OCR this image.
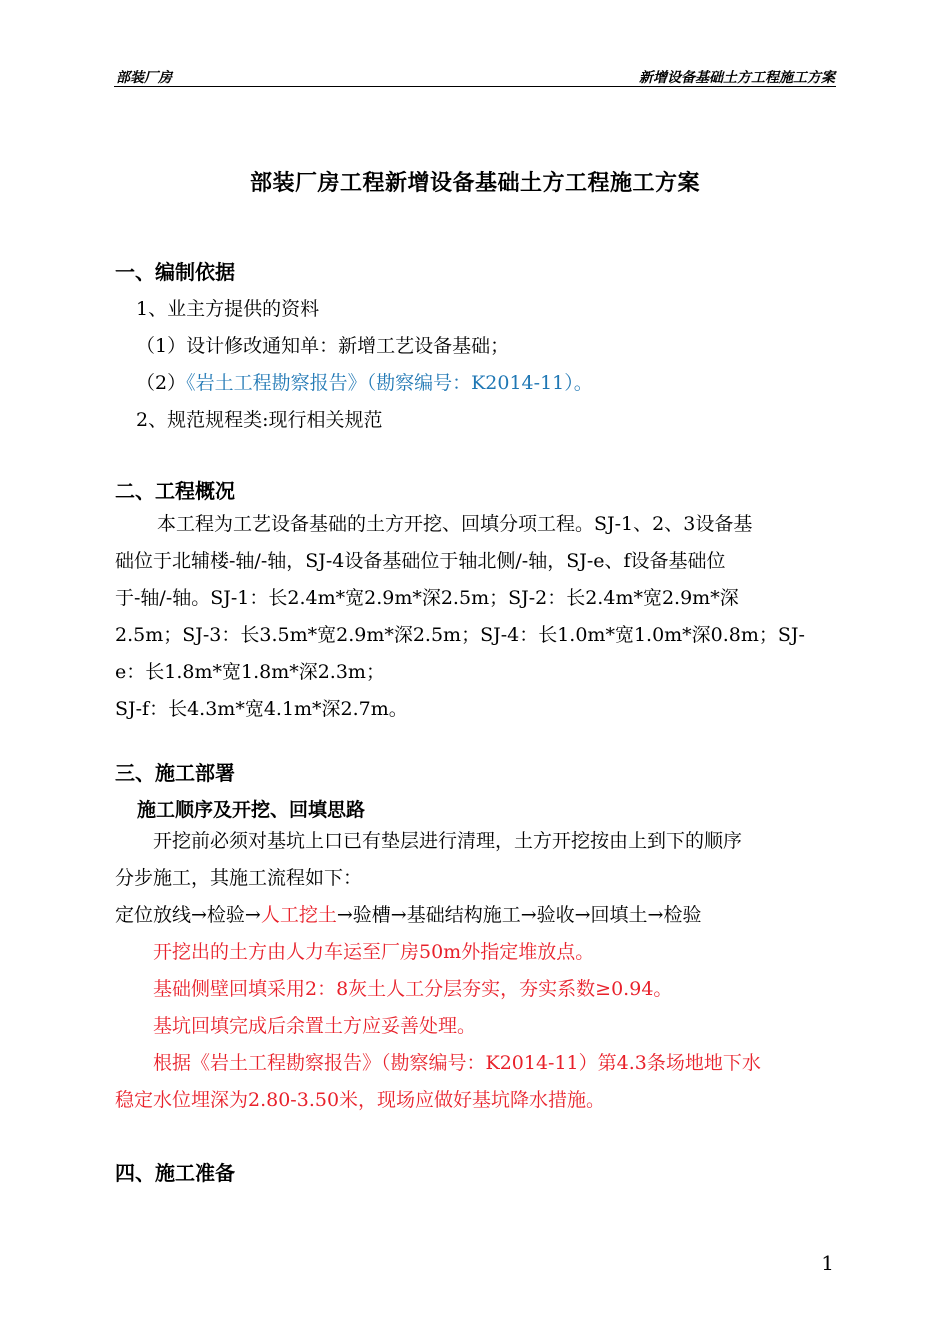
部装厂房	新增设备基础土方工程施工方案
部装厂房工程新增设备基础土方工程施工方案
一、编制依据
1、业主方提供的资料
（1）设计修改通知单：新增工艺设备基础；
（2）《岩土工程勘察报告》（勘察编号：K2014-11）。
2、规范规程类:现行相关规范
二、工程概况

本工程为工艺设备基础的土方开挖、回填分项工程。SJ-1、2、3设备基

础位于北辅楼-轴/-轴，SJ-4设备基础位于轴北侧/-轴，SJ-e、f设备基础位

于-轴/-轴。SJ-1：长2.4m*宽2.9m*深2.5m；SJ-2：长2.4m*宽2.9m*深

2.5m；SJ-3：长3.5m*宽2.9m*深2.5m；SJ-4：长1.0m*宽1.0m*深0.8m；SJ-

e：长1.8m*宽1.8m*深2.3m；

SJ-f：长4.3m*宽4.1m*深2.7m。

三、施工部署
施工顺序及开挖、回填思路

开挖前必须对基坑上口已有垫层进行清理，土方开挖按由上到下的顺序

分步施工，其施工流程如下：

定位放线→检验→人工挖土→验槽→基础结构施工→验收→回填土→检验

开挖出的土方由人力车运至厂房50m外指定堆放点。

基础侧壁回填采用2：8灰土人工分层夯实，夯实系数≥0.94。

基坑回填完成后余置土方应妥善处理。

根据《岩土工程勘察报告》（勘察编号：K2014-11）第4.3条场地地下水

稳定水位埋深为2.80-3.50米，现场应做好基坑降水措施。

四、施工准备
1
